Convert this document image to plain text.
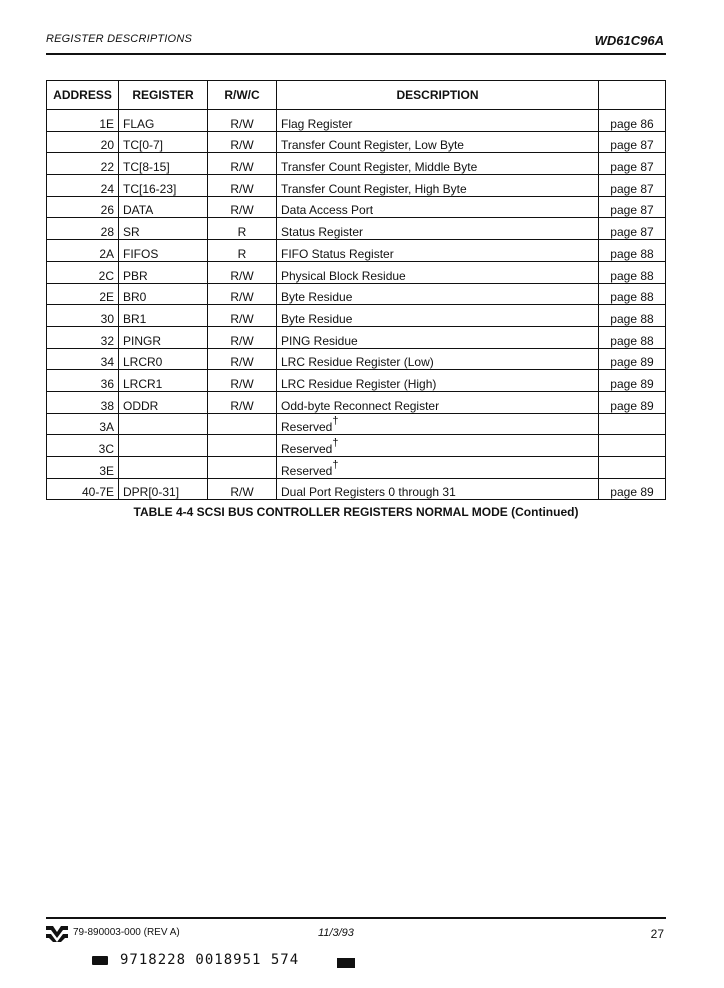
REGISTER DESCRIPTIONS	WD61C96A
ADDRESS	REGISTER	R/W/C	DESCRIPTION	
1E	FLAG	R/W	Flag Register	page 86
20	TC[0-7]	R/W	Transfer Count Register, Low Byte	page 87
22	TC[8-15]	R/W	Transfer Count Register, Middle Byte	page 87
24	TC[16-23]	R/W	Transfer Count Register, High Byte	page 87
26	DATA	R/W	Data Access Port	page 87
28	SR	R	Status Register	page 87
2A	FIFOS	R	FIFO Status Register	page 88
2C	PBR	R/W	Physical Block Residue	page 88
2E	BR0	R/W	Byte Residue	page 88
30	BR1	R/W	Byte Residue	page 88
32	PINGR	R/W	PING Residue	page 88
34	LRCR0	R/W	LRC Residue Register (Low)	page 89
36	LRCR1	R/W	LRC Residue Register (High)	page 89
38	ODDR	R/W	Odd-byte Reconnect Register	page 89
3A			Reserved†	
3C			Reserved†	
3E			Reserved†	
40-7E	DPR[0-31]	R/W	Dual Port Registers 0 through 31	page 89
TABLE 4-4 SCSI BUS CONTROLLER REGISTERS NORMAL MODE (Continued)
79-890003-000 (REV A)	11/3/93	27
9718228 0018951 574
